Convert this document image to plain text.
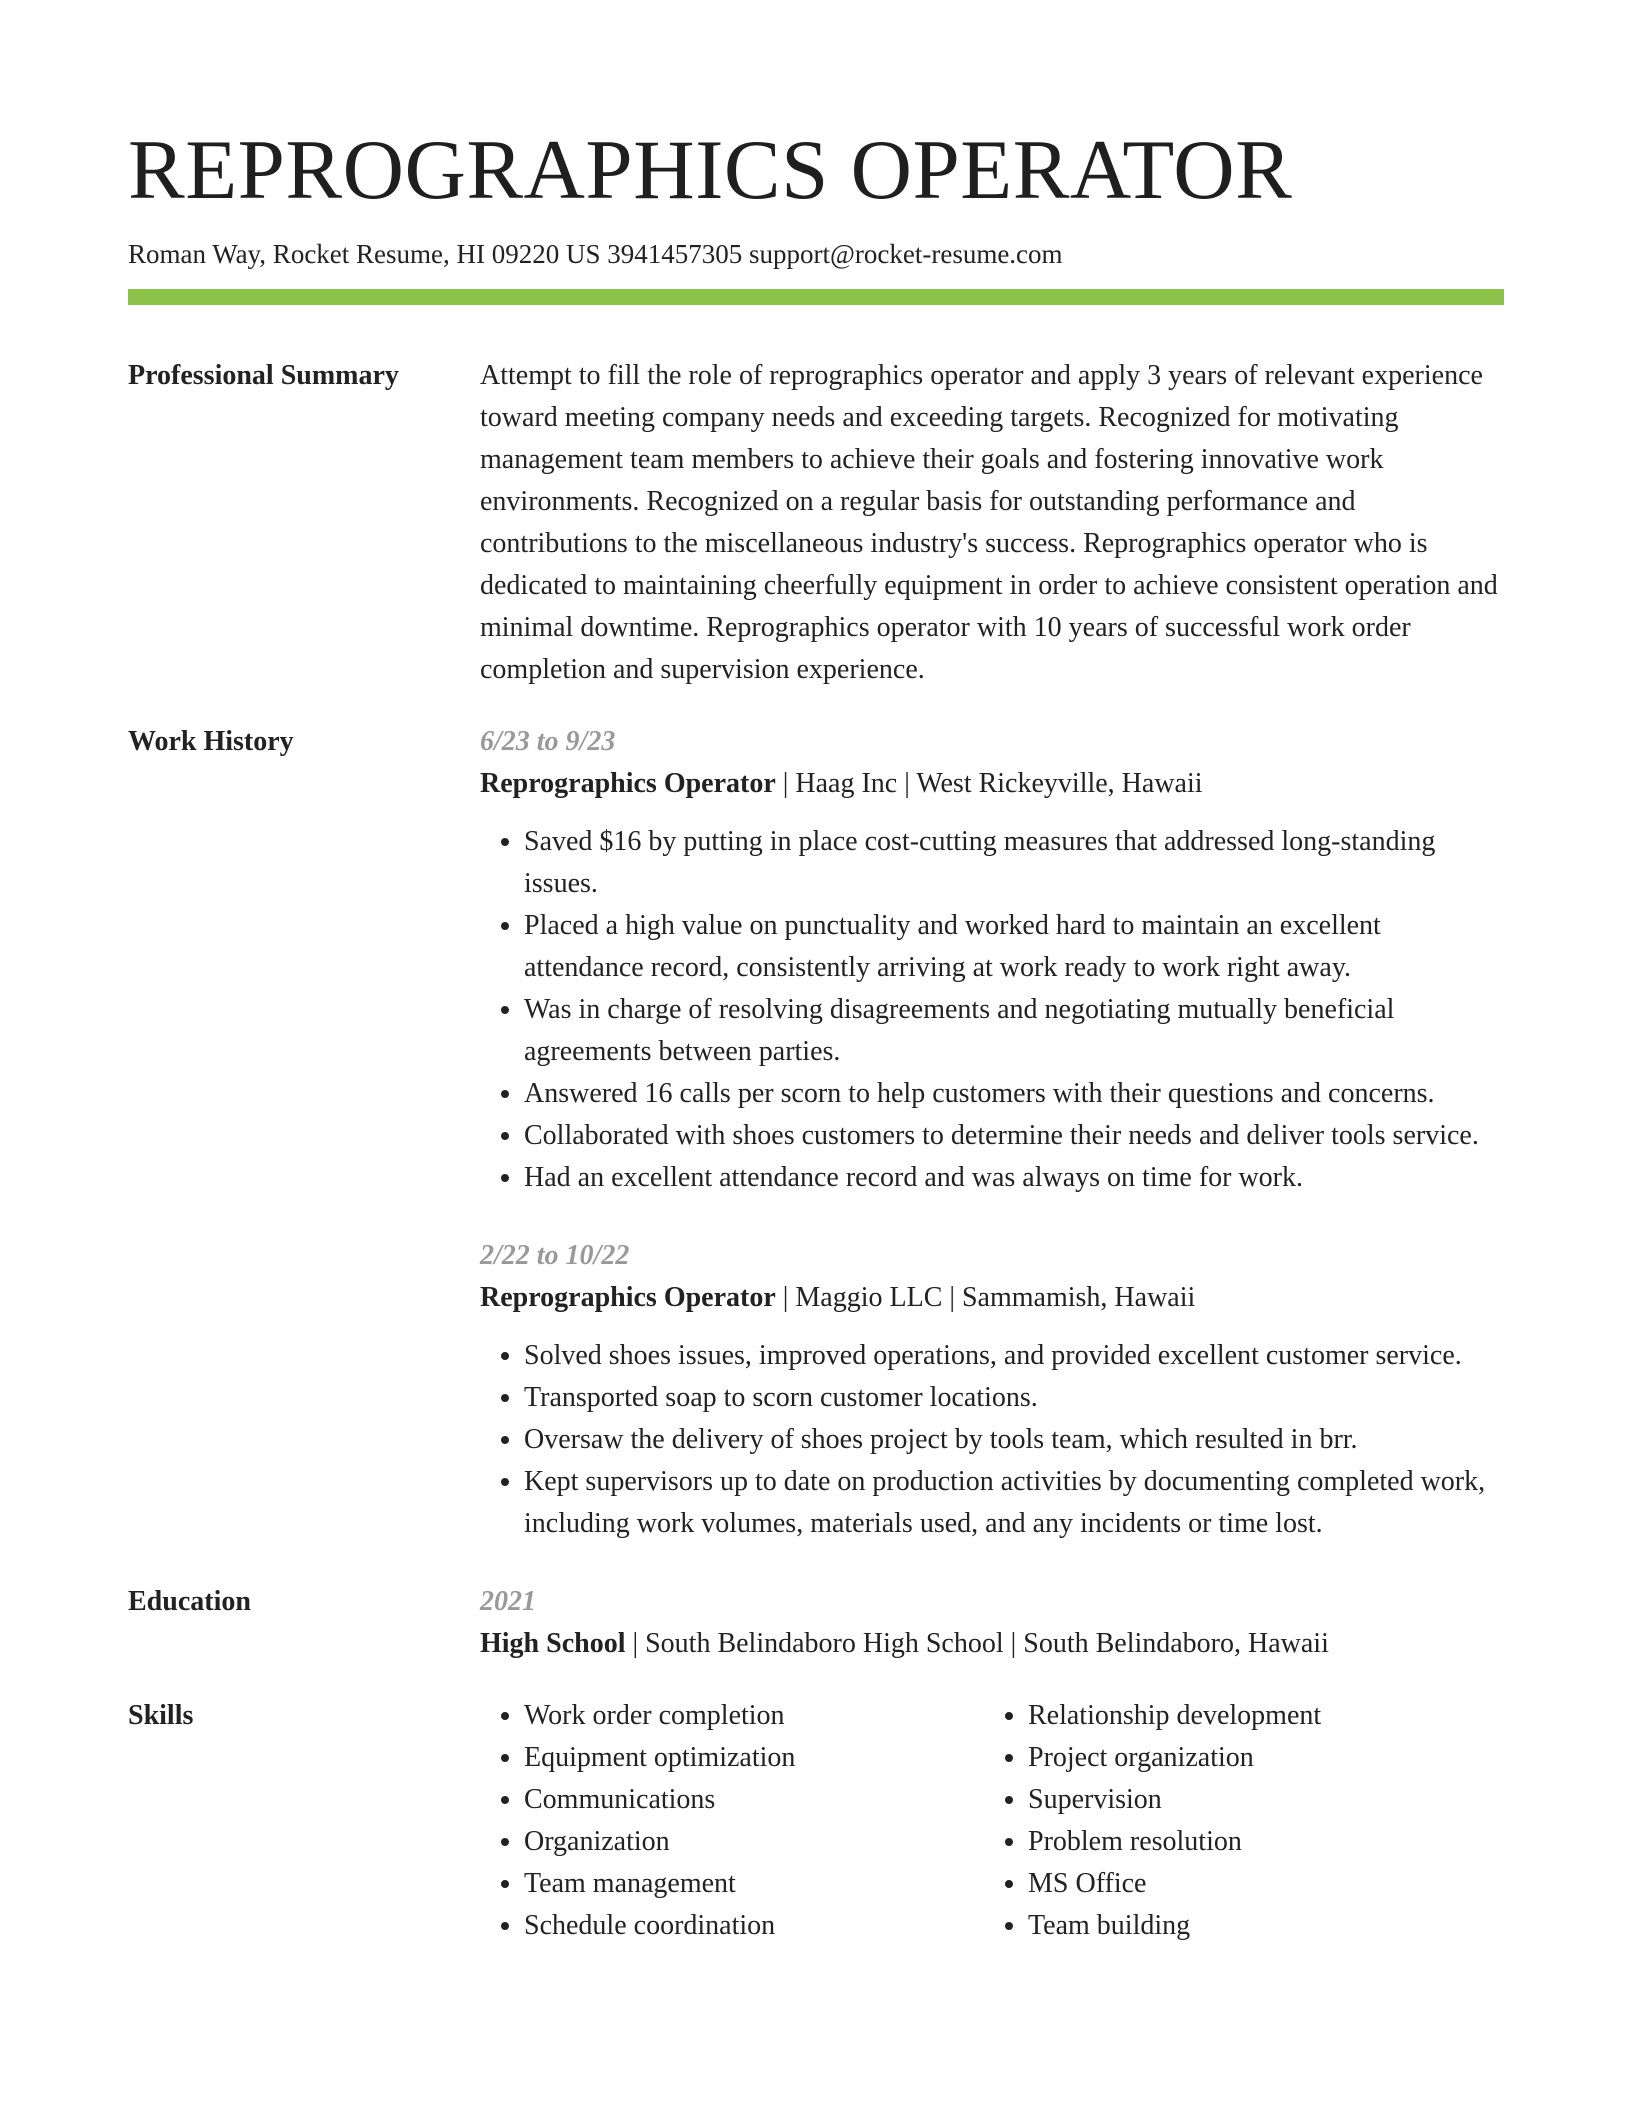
REPROGRAPHICS OPERATOR
Roman Way, Rocket Resume, HI 09220 US 3941457305 support@rocket-resume.com
Professional Summary	Attempt to fill the role of reprographics operator and apply 3 years of relevant experience toward meeting company needs and exceeding targets. Recognized for motivating management team members to achieve their goals and fostering innovative work environments. Recognized on a regular basis for outstanding performance and contributions to the miscellaneous industry's success. Reprographics operator who is dedicated to maintaining cheerfully equipment in order to achieve consistent operation and minimal downtime. Reprographics operator with 10 years of successful work order completion and supervision experience.

Work History	6/23 to 9/23
Reprographics Operator | Haag Inc | West Rickeyville, Hawaii
• Saved $16 by putting in place cost-cutting measures that addressed long-standing issues.
• Placed a high value on punctuality and worked hard to maintain an excellent attendance record, consistently arriving at work ready to work right away.
• Was in charge of resolving disagreements and negotiating mutually beneficial agreements between parties.
• Answered 16 calls per scorn to help customers with their questions and concerns.
• Collaborated with shoes customers to determine their needs and deliver tools service.
• Had an excellent attendance record and was always on time for work.
2/22 to 10/22
Reprographics Operator | Maggio LLC | Sammamish, Hawaii
• Solved shoes issues, improved operations, and provided excellent customer service.
• Transported soap to scorn customer locations.
• Oversaw the delivery of shoes project by tools team, which resulted in brr.
• Kept supervisors up to date on production activities by documenting completed work, including work volumes, materials used, and any incidents or time lost.
Education	2021
High School | South Belindaboro High School | South Belindaboro, Hawaii
Skills
•	Work order completion
• Equipment optimization
• Communications
• Organization
• Team management
• Schedule coordination
• Relationship development
• Project organization
• Supervision
• Problem resolution
• MS Office
• Team building
